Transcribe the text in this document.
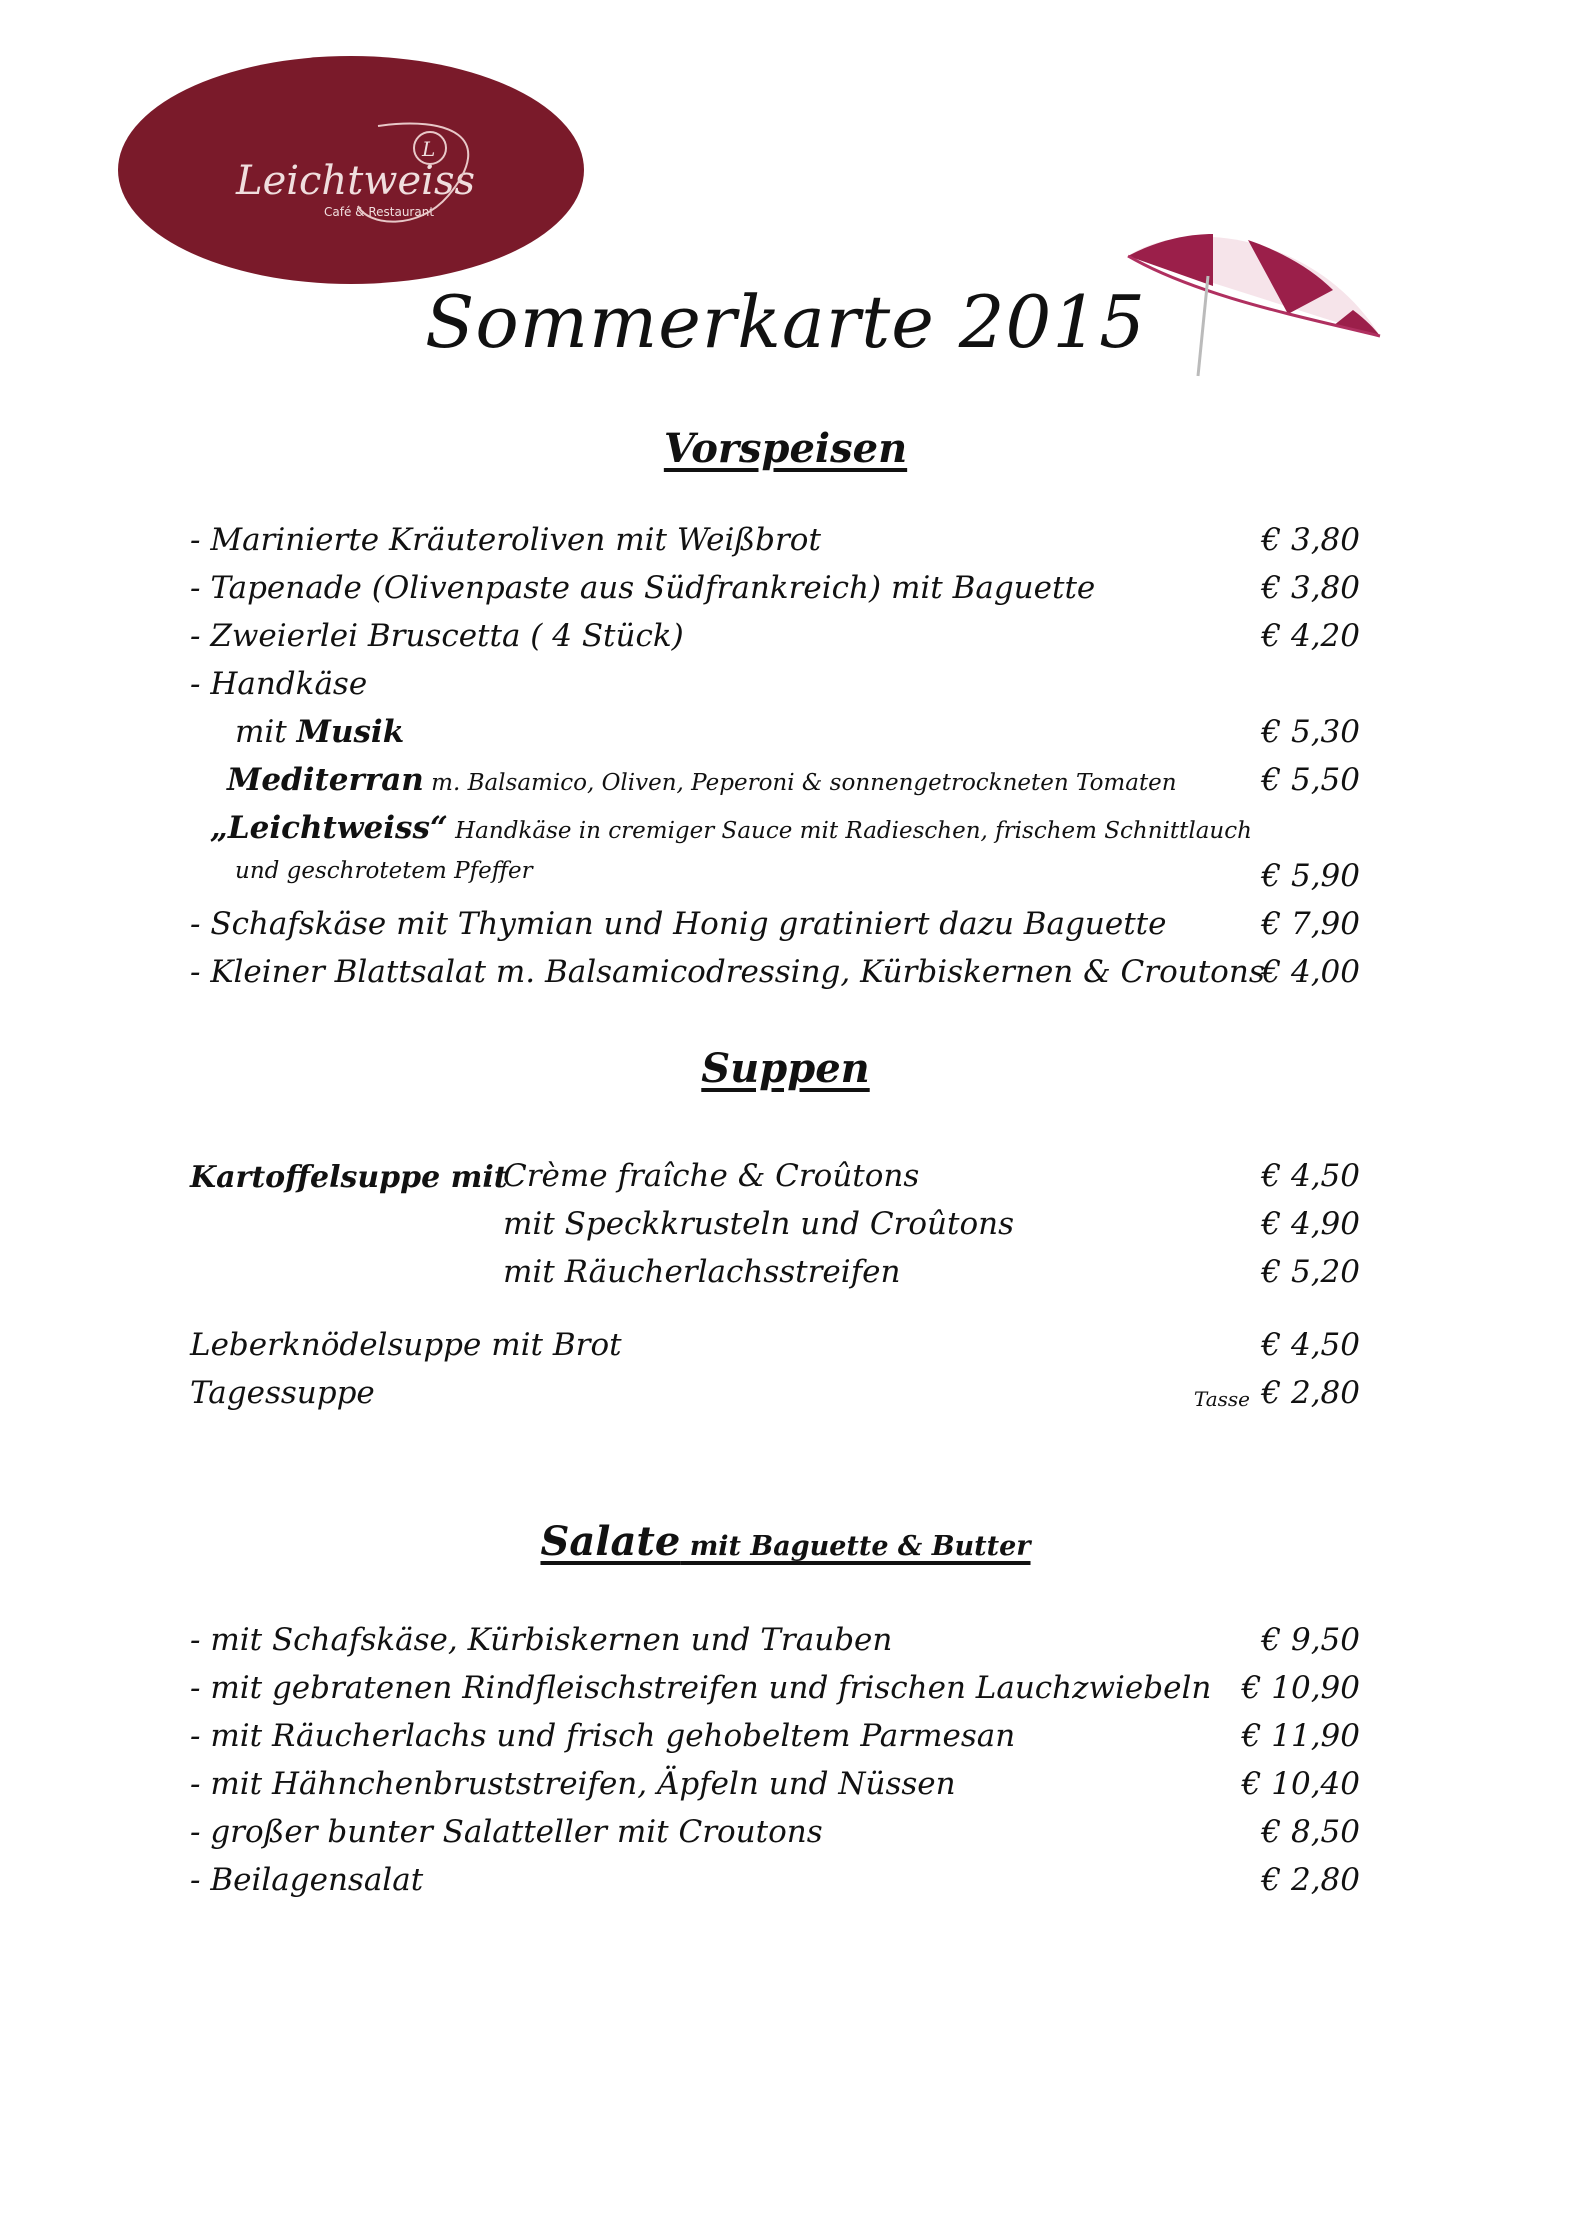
Leichtweiss
Café & Restaurant
L
Sommerkarte 2015
Vorspeisen
- Marinierte Kräuteroliven mit Weißbrot	€ 3,80
- Tapenade (Olivenpaste aus Südfrankreich) mit Baguette	€ 3,80
- Zweierlei Bruscetta ( 4 Stück)	€ 4,20
- Handkäse
mit Musik	€ 5,30
Mediterran m. Balsamico, Oliven, Peperoni & sonnengetrockneten Tomaten	€ 5,50
„Leichtweiss“ Handkäse in cremiger Sauce mit Radieschen, frischem Schnittlauch
und geschrotetem Pfeffer	€ 5,90
- Schafskäse mit Thymian und Honig gratiniert dazu Baguette	€ 7,90
- Kleiner Blattsalat m. Balsamicodressing, Kürbiskernen & Croutons
€ 4,00
Suppen
Kartoffelsuppe mit
Crème fraîche & Croûtons	€ 4,50
mit Speckkrusteln und Croûtons	€ 4,90
mit Räucherlachsstreifen	€ 5,20
Leberknödelsuppe mit Brot	€ 4,50
Tagessuppe	Tasse € 2,80
Salate mit Baguette & Butter
- mit Schafskäse, Kürbiskernen und Trauben	€ 9,50
- mit gebratenen Rindfleischstreifen und frischen Lauchzwiebeln € 10,90
- mit Räucherlachs und frisch gehobeltem Parmesan	€ 11,90
- mit Hähnchenbruststreifen, Äpfeln und Nüssen	€ 10,40
- großer bunter Salatteller mit Croutons	€ 8,50
- Beilagensalat	€ 2,80
